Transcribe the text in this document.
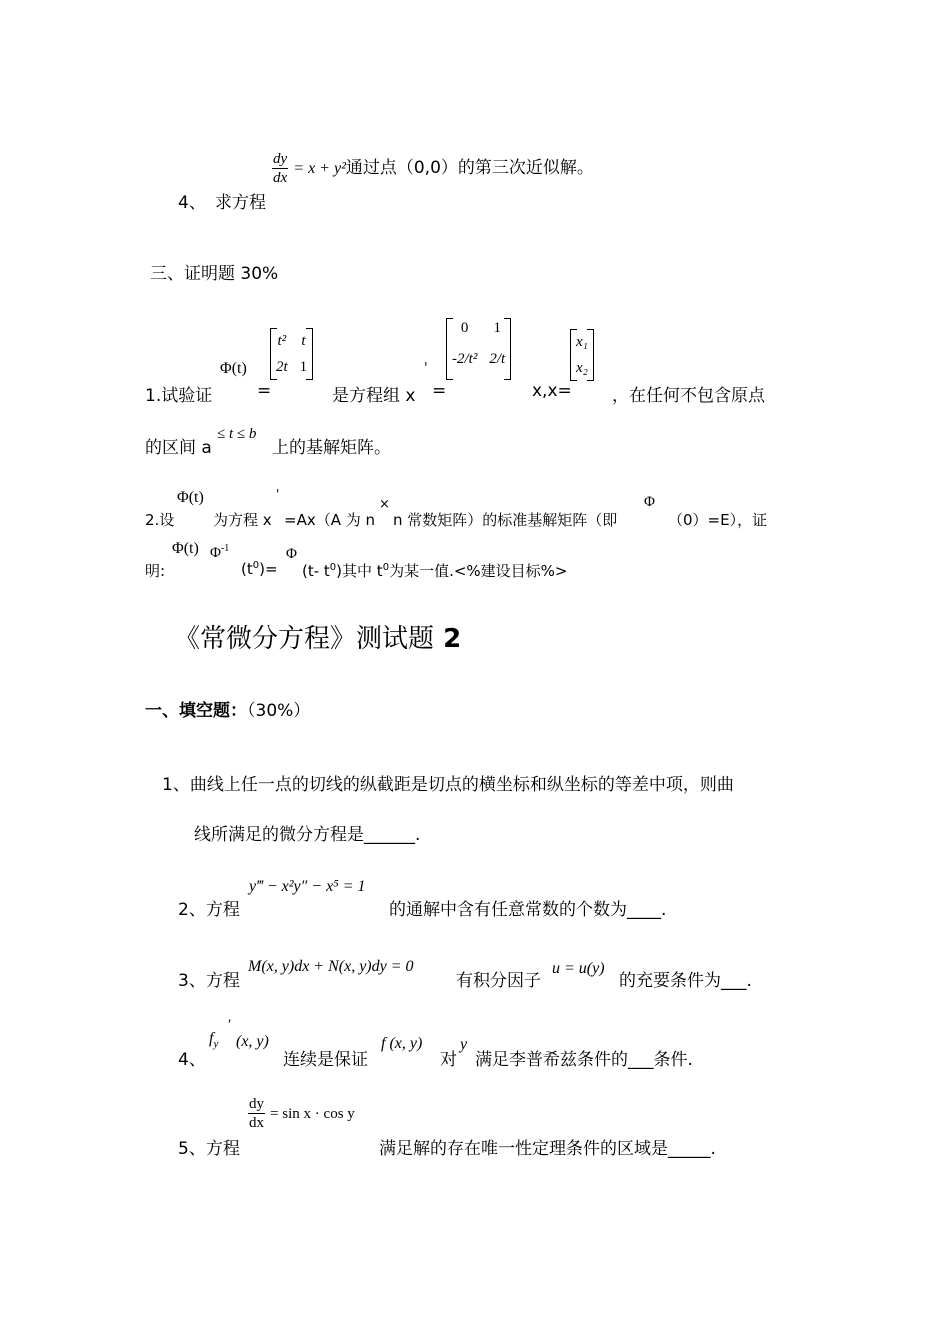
$\frac{dy}{dx} = x + y^2$通过点（0,0）的第三次近似解。
4、 求方程
三、证明题 30%
Φ(t)
t²	t
2t	1
0	1
-2/t²	2/t
x₁
x₂
1.试验证	=	是方程组 x
'
=	x,x= ，在任何不包含原点
的区间 a
≤ t ≤ b
上的基解矩阵。
2.设
Φ(t)
为方程 x
'
=Ax（A 为 n
×
n 常数矩阵）的标准基解矩阵（即
Φ
（0）=E），证
明:
Φ(t) $\Phi^{-1}$
$(t^0)=$
Φ
(t- $t^0$)其中 $t^0$为某一值.<%建设目标%>
《常微分方程》测试题 2
一、填空题：（30%）
1、曲线上任一点的切线的纵截距是切点的横坐标和纵坐标的等差中项，则曲
线所满足的微分方程是______.
2、方程
y‴ − x²y″ − x⁵ = 1
的通解中含有任意常数的个数为____.
3、方程
M(x, y)dx + N(x, y)dy = 0
有积分因子
u = u(y)
的充要条件为___.
4、
$f_y$
′
(x, y)
连续是保证
f (x, y)
对
y
满足李普希兹条件的___条件.
$\frac{dy}{dx} = \sin x \cdot \cos y$
5、方程	满足解的存在唯一性定理条件的区域是_____.
